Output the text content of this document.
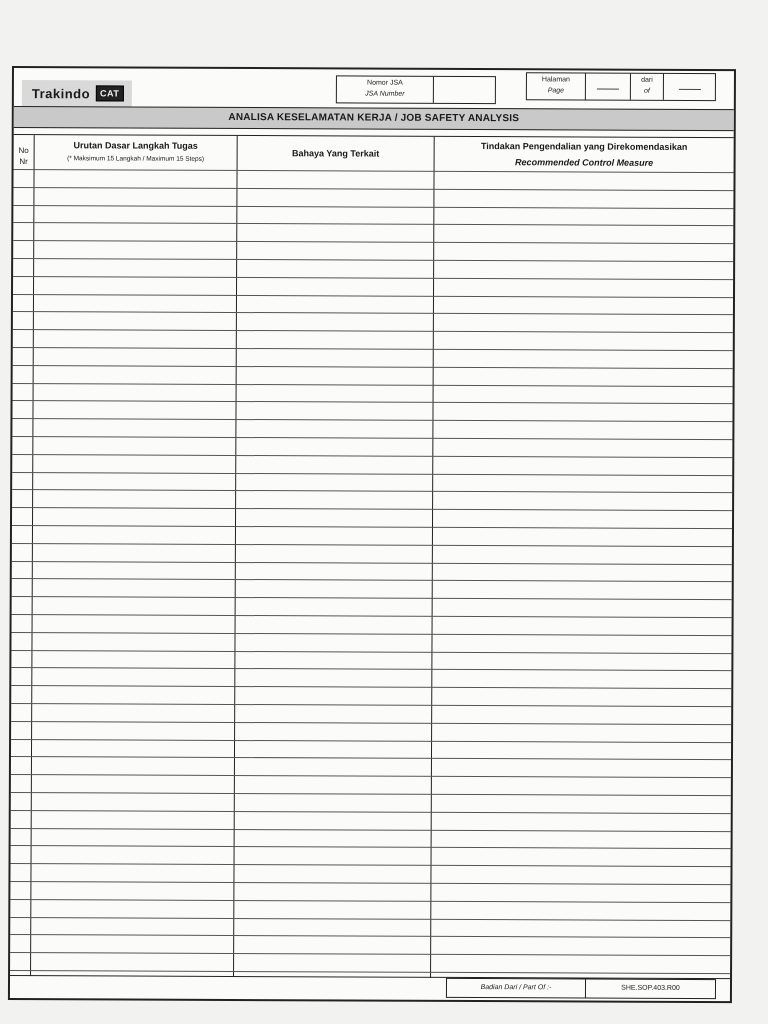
Trakindo	CAT
Nomor JSA
JSA Number
Halaman
Page
dari
of
ANALISA KESELAMATAN KERJA / JOB SAFETY ANALYSIS
No
Nr
Urutan Dasar Langkah Tugas
(* Maksimum 15 Langkah / Maximum 15 Steps)
Bahaya Yang Terkait
Tindakan Pengendalian yang Direkomendasikan
Recommended Control Measure
Badian Dari / Part Of :-	SHE.SOP.403.R00
